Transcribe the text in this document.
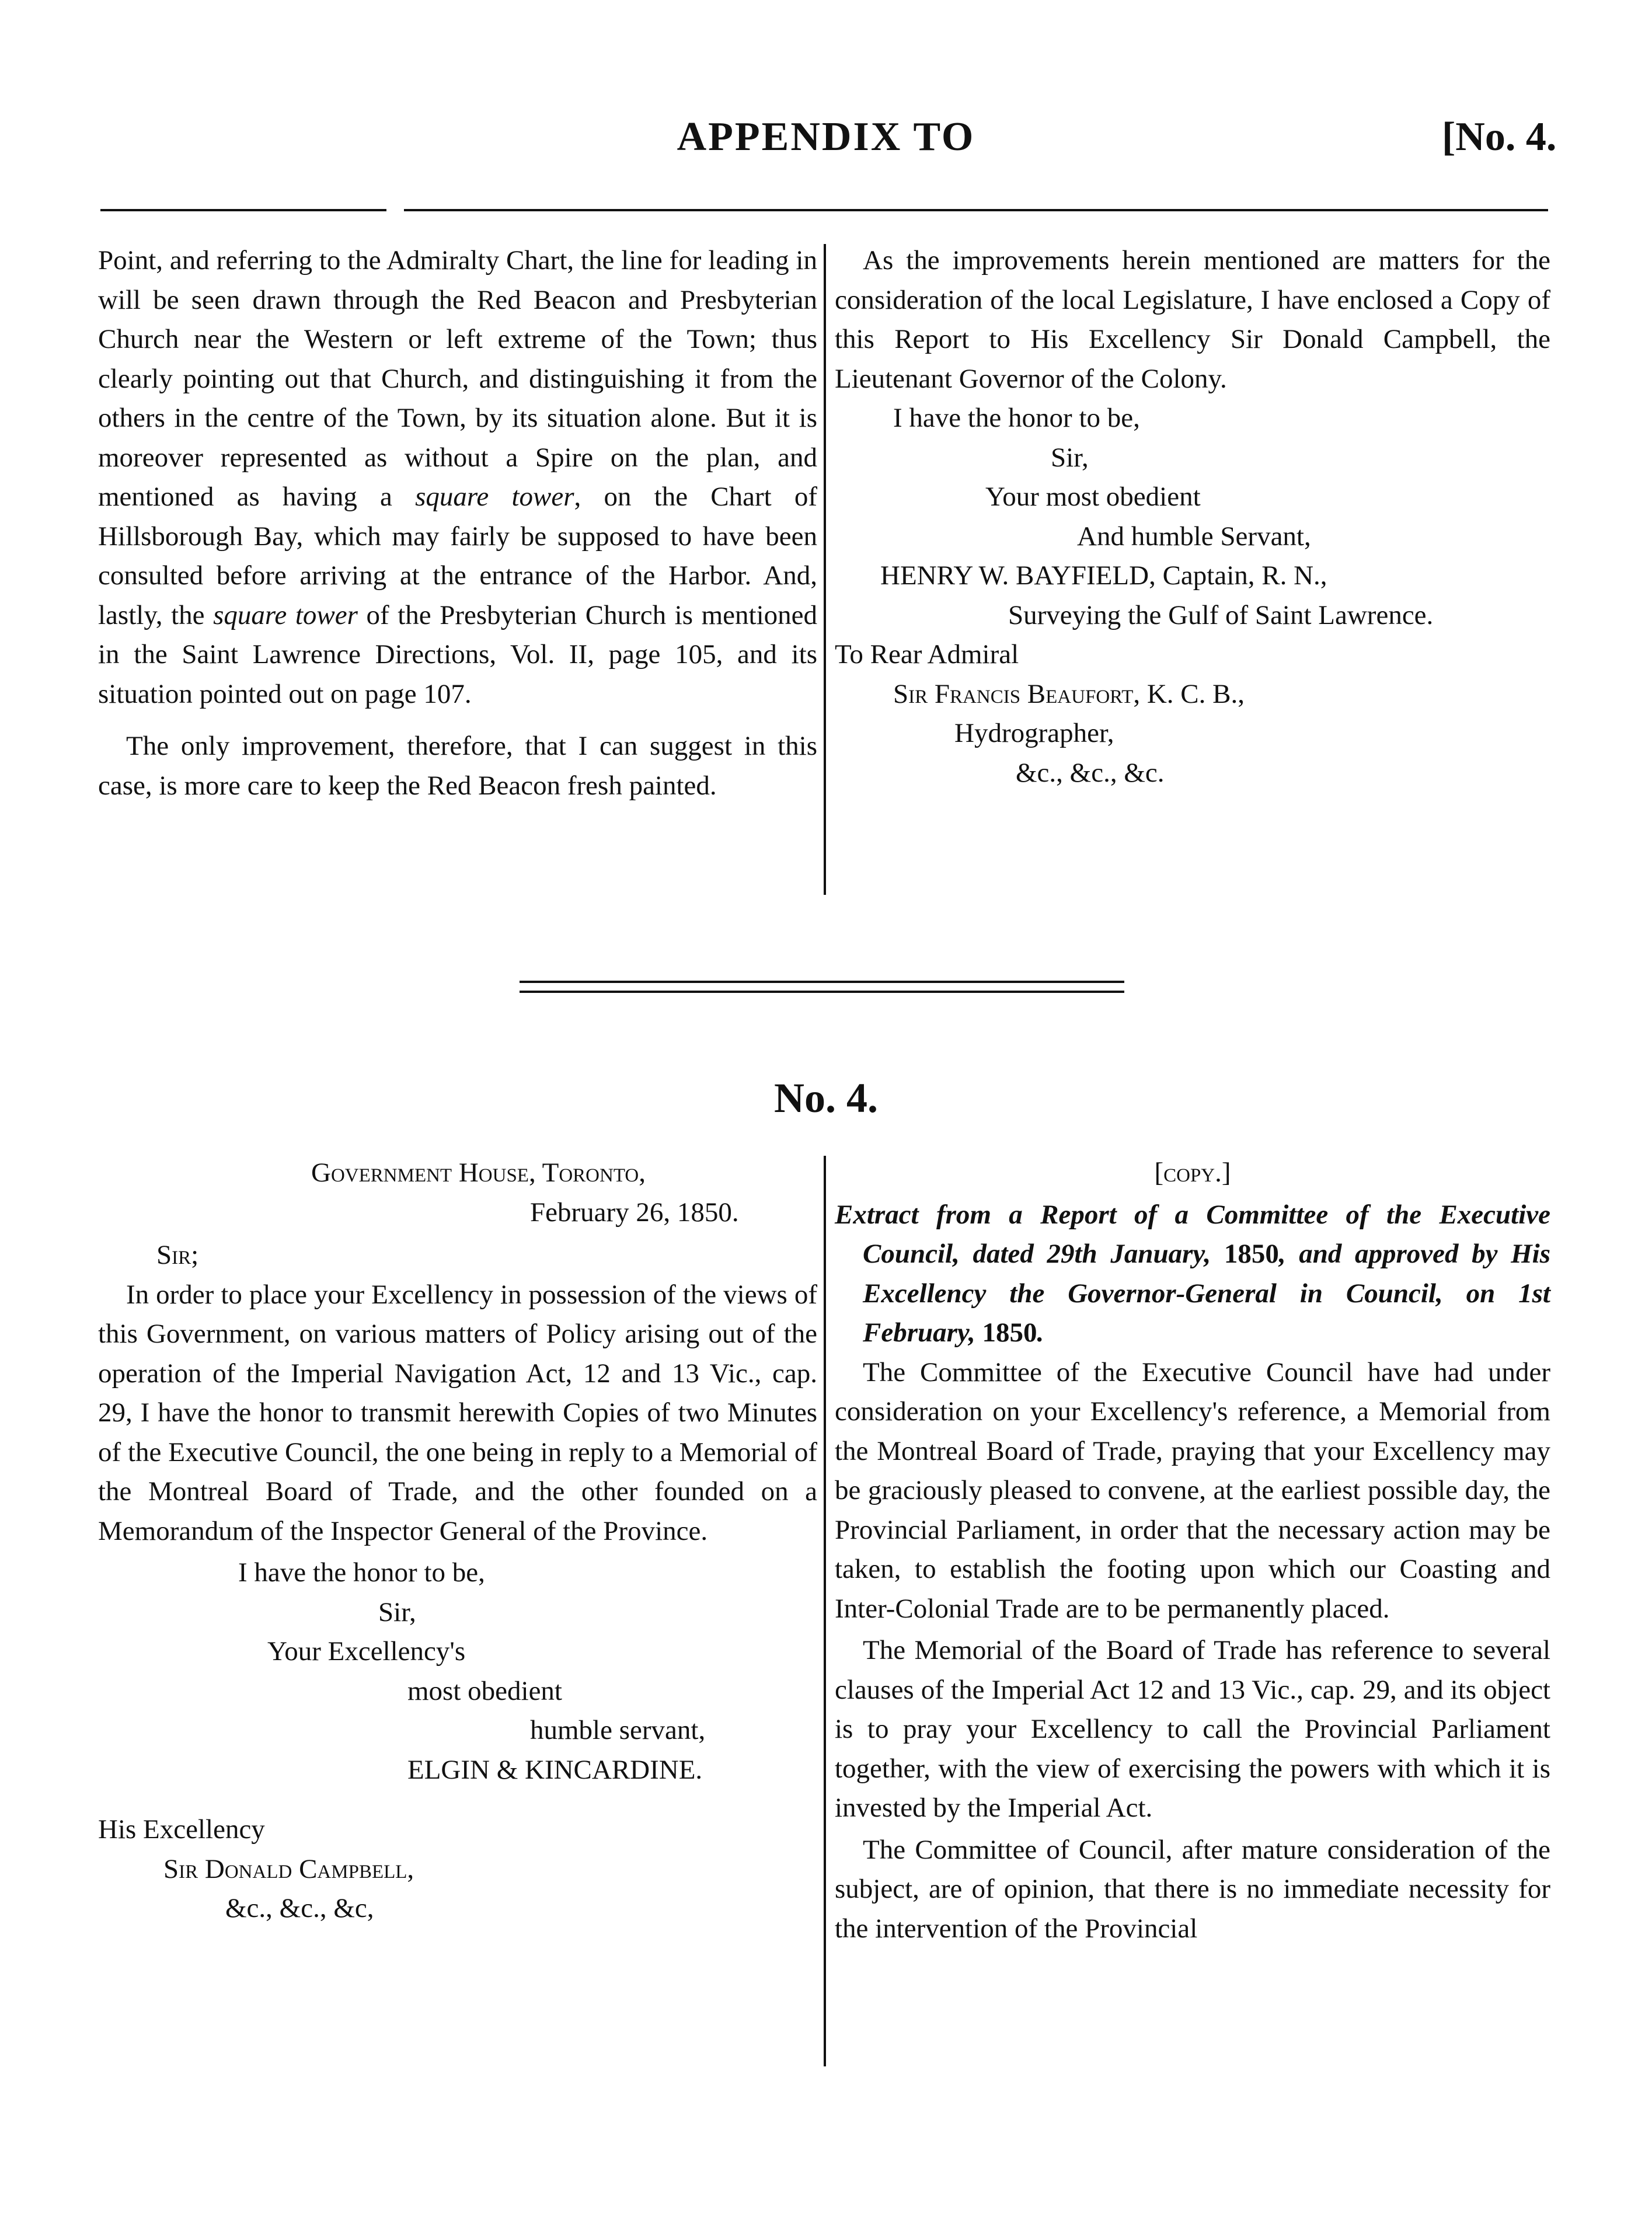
APPENDIX TO	[No. 4.

Point, and referring to the Admiralty Chart, the line for leading in will be seen drawn through the Red Beacon and Presbyterian Church near the Western or left extreme of the Town; thus clearly pointing out that Church, and distinguishing it from the others in the centre of the Town, by its situation alone. But it is moreover represented as without a Spire on the plan, and mentioned as having a square tower, on the Chart of Hillsborough Bay, which may fairly be supposed to have been consulted before arriving at the entrance of the Harbor. And, lastly, the square tower of the Presbyterian Church is mentioned in the Saint Lawrence Directions, Vol. II, page 105, and its situation pointed out on page 107.

The only improvement, therefore, that I can suggest in this case, is more care to keep the Red Beacon fresh painted.

As the improvements herein mentioned are matters for the consideration of the local Legislature, I have enclosed a Copy of this Report to His Excellency Sir Donald Campbell, the Lieutenant Governor of the Colony.

I have the honor to be,
Sir,
Your most obedient
And humble Servant,
HENRY W. BAYFIELD, Captain, R. N.,
Surveying the Gulf of Saint Lawrence.
To Rear Admiral
Sir Francis Beaufort, K. C. B.,
Hydrographer,
&c., &c., &c.
No. 4.
Government House, Toronto,
February 26, 1850.
Sir;

In order to place your Excellency in possession of the views of this Government, on various matters of Policy arising out of the operation of the Imperial Navigation Act, 12 and 13 Vic., cap. 29, I have the honor to transmit herewith Copies of two Minutes of the Executive Council, the one being in reply to a Memorial of the Montreal Board of Trade, and the other founded on a Memorandum of the Inspector General of the Province.

I have the honor to be,
Sir,
Your Excellency's
most obedient
humble servant,
ELGIN & KINCARDINE.
His Excellency
Sir Donald Campbell,
&c., &c., &c,
[copy.]

Extract from a Report of a Committee of the Executive Council, dated 29th January, 1850, and approved by His Excellency the Governor-General in Council, on 1st February, 1850.

The Committee of the Executive Council have had under consideration on your Excellency's reference, a Memorial from the Montreal Board of Trade, praying that your Excellency may be graciously pleased to convene, at the earliest possible day, the Provincial Parliament, in order that the necessary action may be taken, to establish the footing upon which our Coasting and Inter-Colonial Trade are to be permanently placed.

The Memorial of the Board of Trade has reference to several clauses of the Imperial Act 12 and 13 Vic., cap. 29, and its object is to pray your Excellency to call the Provincial Parliament together, with the view of exercising the powers with which it is invested by the Imperial Act.

The Committee of Council, after mature consideration of the subject, are of opinion, that there is no immediate necessity for the intervention of the Provincial
